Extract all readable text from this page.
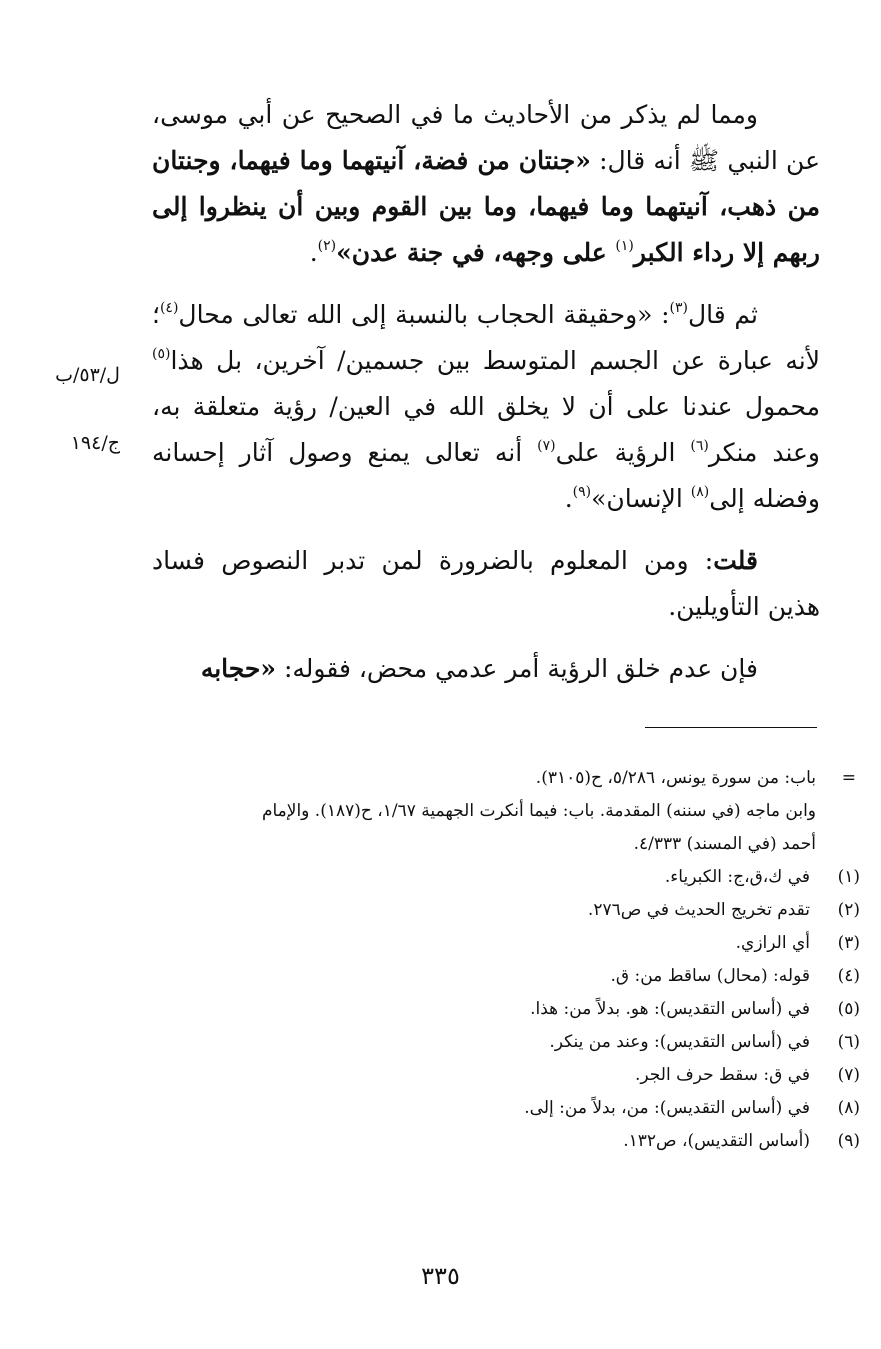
ومما لم يذكر من الأحاديث ما في الصحيح عن أبي موسى، عن النبي ﷺ أنه قال: «جنتان من فضة، آنيتهما وما فيهما، وجنتان من ذهب، آنيتهما وما فيهما، وما بين القوم وبين أن ينظروا إلى ربهم إلا رداء الكبر$^{(١)}$ على وجهه، في جنة عدن»$^{(٢)}$.

ثم قال$^{(٣)}$: «وحقيقة الحجاب بالنسبة إلى الله تعالى محال$^{(٤)}$؛ لأنه عبارة عن الجسم المتوسط بين جسمين/ آخرين، بل هذا$^{(٥)}$ محمول عندنا على أن لا يخلق الله في العين/ رؤية متعلقة به، وعند منكر$^{(٦)}$ الرؤية على$^{(٧)}$ أنه تعالى يمنع وصول آثار إحسانه وفضله إلى$^{(٨)}$ الإنسان»$^{(٩)}$.

قلت: ومن المعلوم بالضرورة لمن تدبر النصوص فساد هذين التأويلين.

فإن عدم خلق الرؤية أمر عدمي محض، فقوله: «حجابه

ل/٥٣/ب
ج/١٩٤
=
باب: من سورة يونس، ٥/٢٨٦، ح(٣١٠٥).
وابن ماجه (في سننه) المقدمة. باب: فيما أنكرت الجهمية ١/٦٧، ح(١٨٧). والإمام أحمد (في المسند) ٤/٣٣٣.
(١)
في ك،ق،ج: الكبرياء.
(٢)
تقدم تخريج الحديث في ص٢٧٦.
(٣)
أي الرازي.
(٤)
قوله: (محال) ساقط من: ق.
(٥)
في (أساس التقديس): هو. بدلاً من: هذا.
(٦)
في (أساس التقديس): وعند من ينكر.
(٧)
في ق: سقط حرف الجر.
(٨)
في (أساس التقديس): من، بدلاً من: إلى.
(٩)
(أساس التقديس)، ص١٣٢.
٣٣٥
